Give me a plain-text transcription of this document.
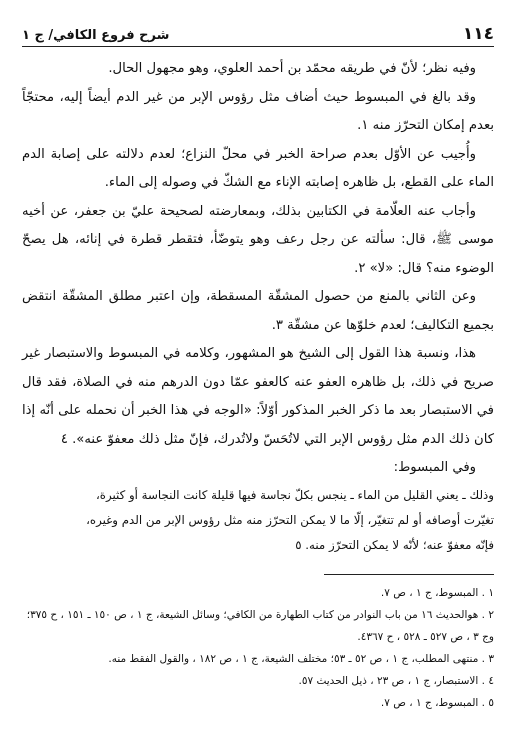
١١٤
شرح فروع الكافي/ ج ١

وفيه نظر؛ لأنّ في طريقه محمّد بن أحمد العلوي، وهو مجهول الحال.

وقد بالغ في المبسوط حيث أضاف مثل رؤوس الإبر من غير الدم أيضاً إليه، محتجّاً بعدم إمكان التحرّز منه ١.

وأُجيب عن الأوّل بعدم صراحة الخبر في محلّ النزاع؛ لعدم دلالته على إصابة الدم الماء على القطع، بل ظاهره إصابته الإناء مع الشكّ في وصوله إلى الماء.

وأجاب عنه العلّامة في الكتابين بذلك، وبمعارضته لصحيحة عليّ بن جعفر، عن أخيه موسى ﷺ، قال: سألته عن رجل رعف وهو يتوضّأ، فتقطر قطرة في إنائه، هل يصحّ الوضوء منه؟ قال: «لا» ٢.

وعن الثاني بالمنع من حصول المشقّة المسقطة، وإن اعتبر مطلق المشقّة انتقض بجميع التكاليف؛ لعدم خلوّها عن مشقّة ٣.

هذا، ونسبة هذا القول إلى الشيخ هو المشهور، وكلامه في المبسوط والاستبصار غير صريح في ذلك، بل ظاهره العفو عنه كالعفو عمّا دون الدرهم منه في الصلاة، فقد قال في الاستبصار بعد ما ذكر الخبر المذكور أوّلاً: «الوجه في هذا الخبر أن نحمله على أنّه إذا كان ذلك الدم مثل رؤوس الإبر التي لاتُحَسّ ولاتُدرك، فإنّ مثل ذلك معفوّ عنه». ٤

وفي المبسوط:

وذلك ـ يعني القليل من الماء ـ ينجس بكلّ نجاسة فيها قليلة كانت النجاسة أو كثيرة،

تغيّرت أوصافه أو لم تتغيّر، إلّا ما لا يمكن التحرّز منه مثل رؤوس الإبر من الدم وغيره،

فإنّه معفوّ عنه؛ لأنّه لا يمكن التحرّز منه. ٥

١ . المبسوط، ج ١ ، ص ٧.
٢ . هوالحديث ١٦ من باب النوادر من كتاب الطهارة من الكافي؛ وسائل الشيعة، ج ١ ، ص ١٥٠ ـ ١٥١ ، ح ٣٧٥؛ وج ٣ ، ص ٥٢٧ ـ ٥٢٨ ، ح ٤٣٦٧.
٣ . منتهى المطلب، ج ١ ، ص ٥٢ ـ ٥٣؛ مختلف الشيعة، ج ١ ، ص ١٨٢ ، والقول الفقط منه.
٤ . الاستبصار، ج ١ ، ص ٢٣ ، ذيل الحديث ٥٧.
٥ . المبسوط، ج ١ ، ص ٧.
